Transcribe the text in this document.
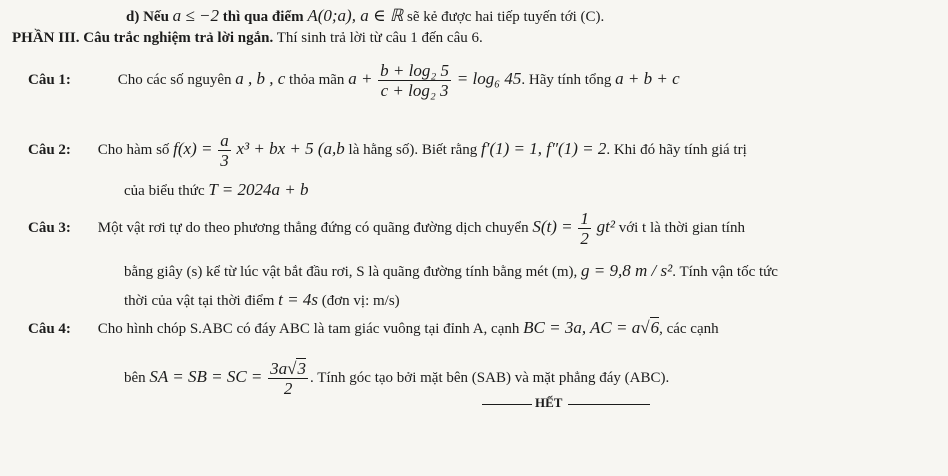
d) Nếu a ≤ −2 thì qua điểm A(0;a), a ∈ ℝ sẽ kẻ được hai tiếp tuyến tới (C).
PHẦN III. Câu trắc nghiệm trả lời ngắn. Thí sinh trả lời từ câu 1 đến câu 6.
Câu 1:	Cho các số nguyên a , b , c thỏa mãn $a + \frac{\text{b + log₂ 5}}{\text{c + log₂ 3}} = \log_6$ 45. Hãy tính tổng a + b + c
Câu 2: Cho hàm số $f(x) = \frac{a}{3} x^3$ + bx + 5 (a,b là hằng số). Biết rằng f′(1) = 1, f″(1) = 2. Khi đó hãy tính giá trị
của biểu thức T = 2024a + b
Câu 3: Một vật rơi tự do theo phương thẳng đứng có quãng đường dịch chuyển $S(t) = \frac{1}{2} gt^2$ với t là thời gian tính
bằng giây (s) kể từ lúc vật bắt đầu rơi, S là quãng đường tính bằng mét (m), g = 9,8 m / s². Tính vận tốc tức
thời của vật tại thời điểm t = 4s (đơn vị: m/s)
Câu 4: Cho hình chóp S.ABC có đáy ABC là tam giác vuông tại đỉnh A, cạnh BC = 3a, AC = a√6, các cạnh
bên SA = SB = SC = $\frac{3a√3}{2}$ . Tính góc tạo bởi mặt bên (SAB) và mặt phẳng đáy (ABC).
HẾT
